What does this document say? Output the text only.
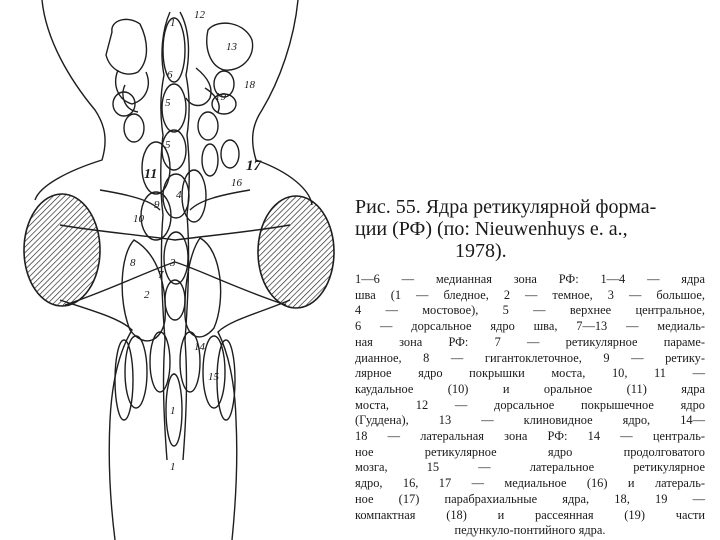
12
1
13
6
18
19
5
5
17
16
11
4
9
10
3
8
7
2
14
15
1
1
Рис. 55. Ядра ретикулярной форма-
ции (РФ) (по: Nieuwenhuys e. a.,
1978).
1—6 — медианная зона РФ: 1—4 — ядра
шва (1 — бледное, 2 — темное, 3 — большое,
4 — мостовое), 5 — верхнее центральное,
6 — дорсальное ядро шва, 7—13 — медиаль-
ная зона РФ: 7 — ретикулярное параме-
дианное, 8 — гигантоклеточное, 9 — ретику-
лярное ядро покрышки моста, 10, 11 —
каудальное (10) и оральное (11) ядра
моста, 12 — дорсальное покрышечное ядро
(Гуддена), 13 — клиновидное ядро, 14—
18 — латеральная зона РФ: 14 — централь-
ное ретикулярное ядро продолговатого
мозга, 15 — латеральное ретикулярное
ядро, 16, 17 — медиальное (16) и латераль-
ное (17) парабрахиальные ядра, 18, 19 —
компактная (18) и рассеянная (19) части
педункуло-понтийного ядра.
